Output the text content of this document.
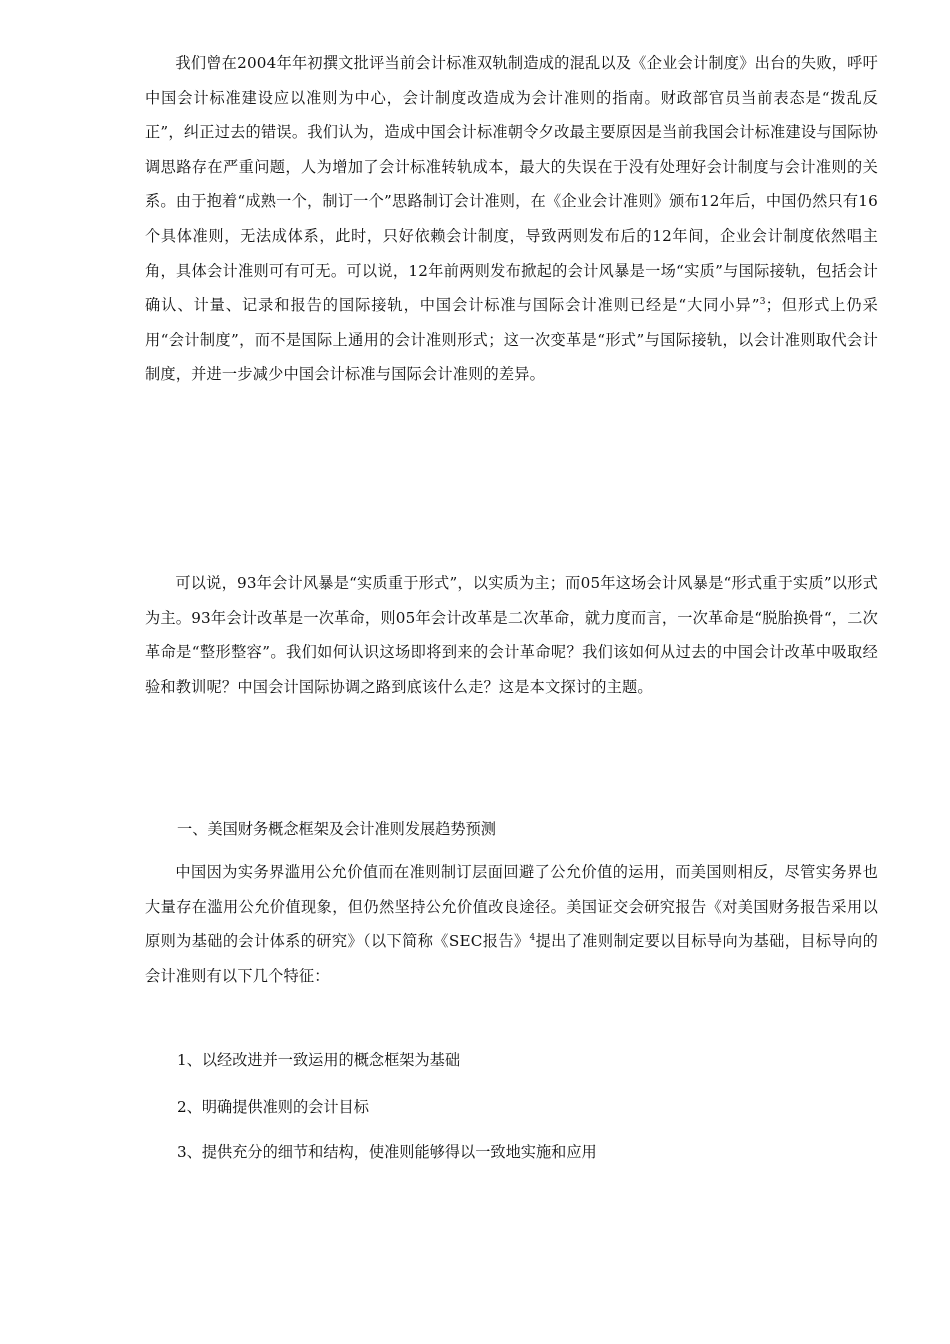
我们曾在2004年年初撰文批评当前会计标准双轨制造成的混乱以及《企业会计制度》出台的失败，呼吁中国会计标准建设应以准则为中心，会计制度改造成为会计准则的指南。财政部官员当前表态是“拨乱反正”，纠正过去的错误。我们认为，造成中国会计标准朝令夕改最主要原因是当前我国会计标准建设与国际协调思路存在严重问题，人为增加了会计标准转轨成本，最大的失误在于没有处理好会计制度与会计准则的关系。由于抱着“成熟一个，制订一个”思路制订会计准则，在《企业会计准则》颁布12年后，中国仍然只有16个具体准则，无法成体系，此时，只好依赖会计制度，导致两则发布后的12年间，企业会计制度依然唱主角，具体会计准则可有可无。可以说，12年前两则发布掀起的会计风暴是一场“实质”与国际接轨，包括会计确认、计量、记录和报告的国际接轨，中国会计标准与国际会计准则已经是“大同小异”$^3$；但形式上仍采用“会计制度”，而不是国际上通用的会计准则形式；这一次变革是“形式”与国际接轨，以会计准则取代会计制度，并进一步减少中国会计标准与国际会计准则的差异。

可以说，93年会计风暴是“实质重于形式”，以实质为主；而05年这场会计风暴是“形式重于实质”以形式为主。93年会计改革是一次革命，则05年会计改革是二次革命，就力度而言，一次革命是“脱胎换骨“，二次革命是“整形整容”。我们如何认识这场即将到来的会计革命呢？我们该如何从过去的中国会计改革中吸取经验和教训呢？中国会计国际协调之路到底该什么走？这是本文探讨的主题。

一、美国财务概念框架及会计准则发展趋势预测

中国因为实务界滥用公允价值而在准则制订层面回避了公允价值的运用，而美国则相反，尽管实务界也大量存在滥用公允价值现象，但仍然坚持公允价值改良途径。美国证交会研究报告《对美国财务报告采用以原则为基础的会计体系的研究》（以下简称《SEC报告》$^4$提出了准则制定要以目标导向为基础，目标导向的会计准则有以下几个特征：

1、以经改进并一致运用的概念框架为基础

2、明确提供准则的会计目标

3、提供充分的细节和结构，使准则能够得以一致地实施和应用
